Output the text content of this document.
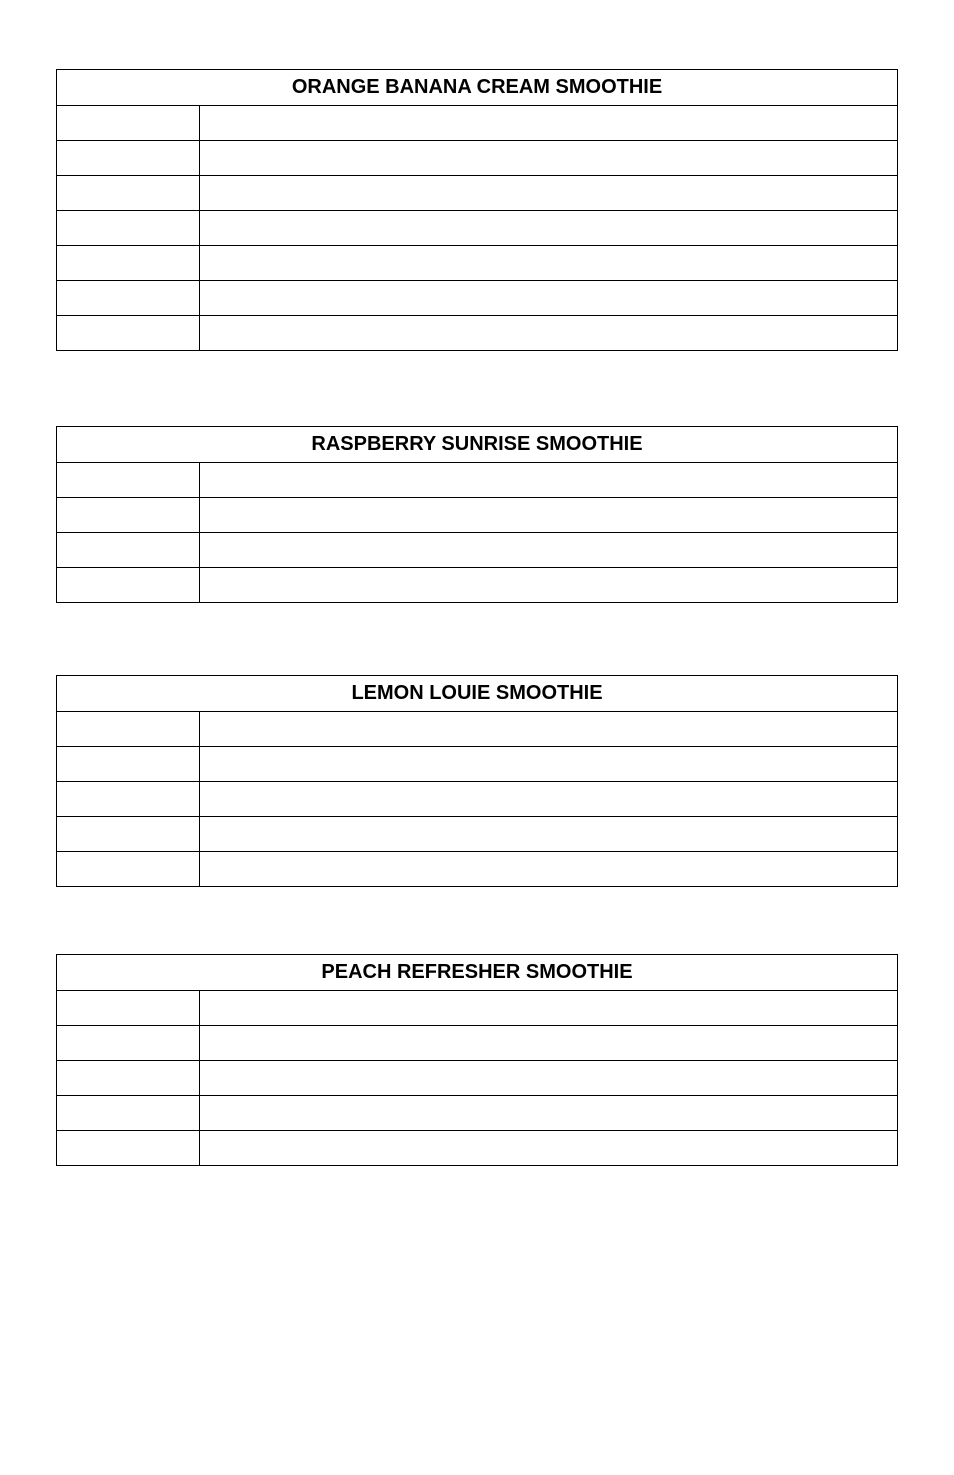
ORANGE BANANA CREAM SMOOTHIE	

RASPBERRY SUNRISE SMOOTHIE	

LEMON LOUIE SMOOTHIE	

PEACH REFRESHER SMOOTHIE	
